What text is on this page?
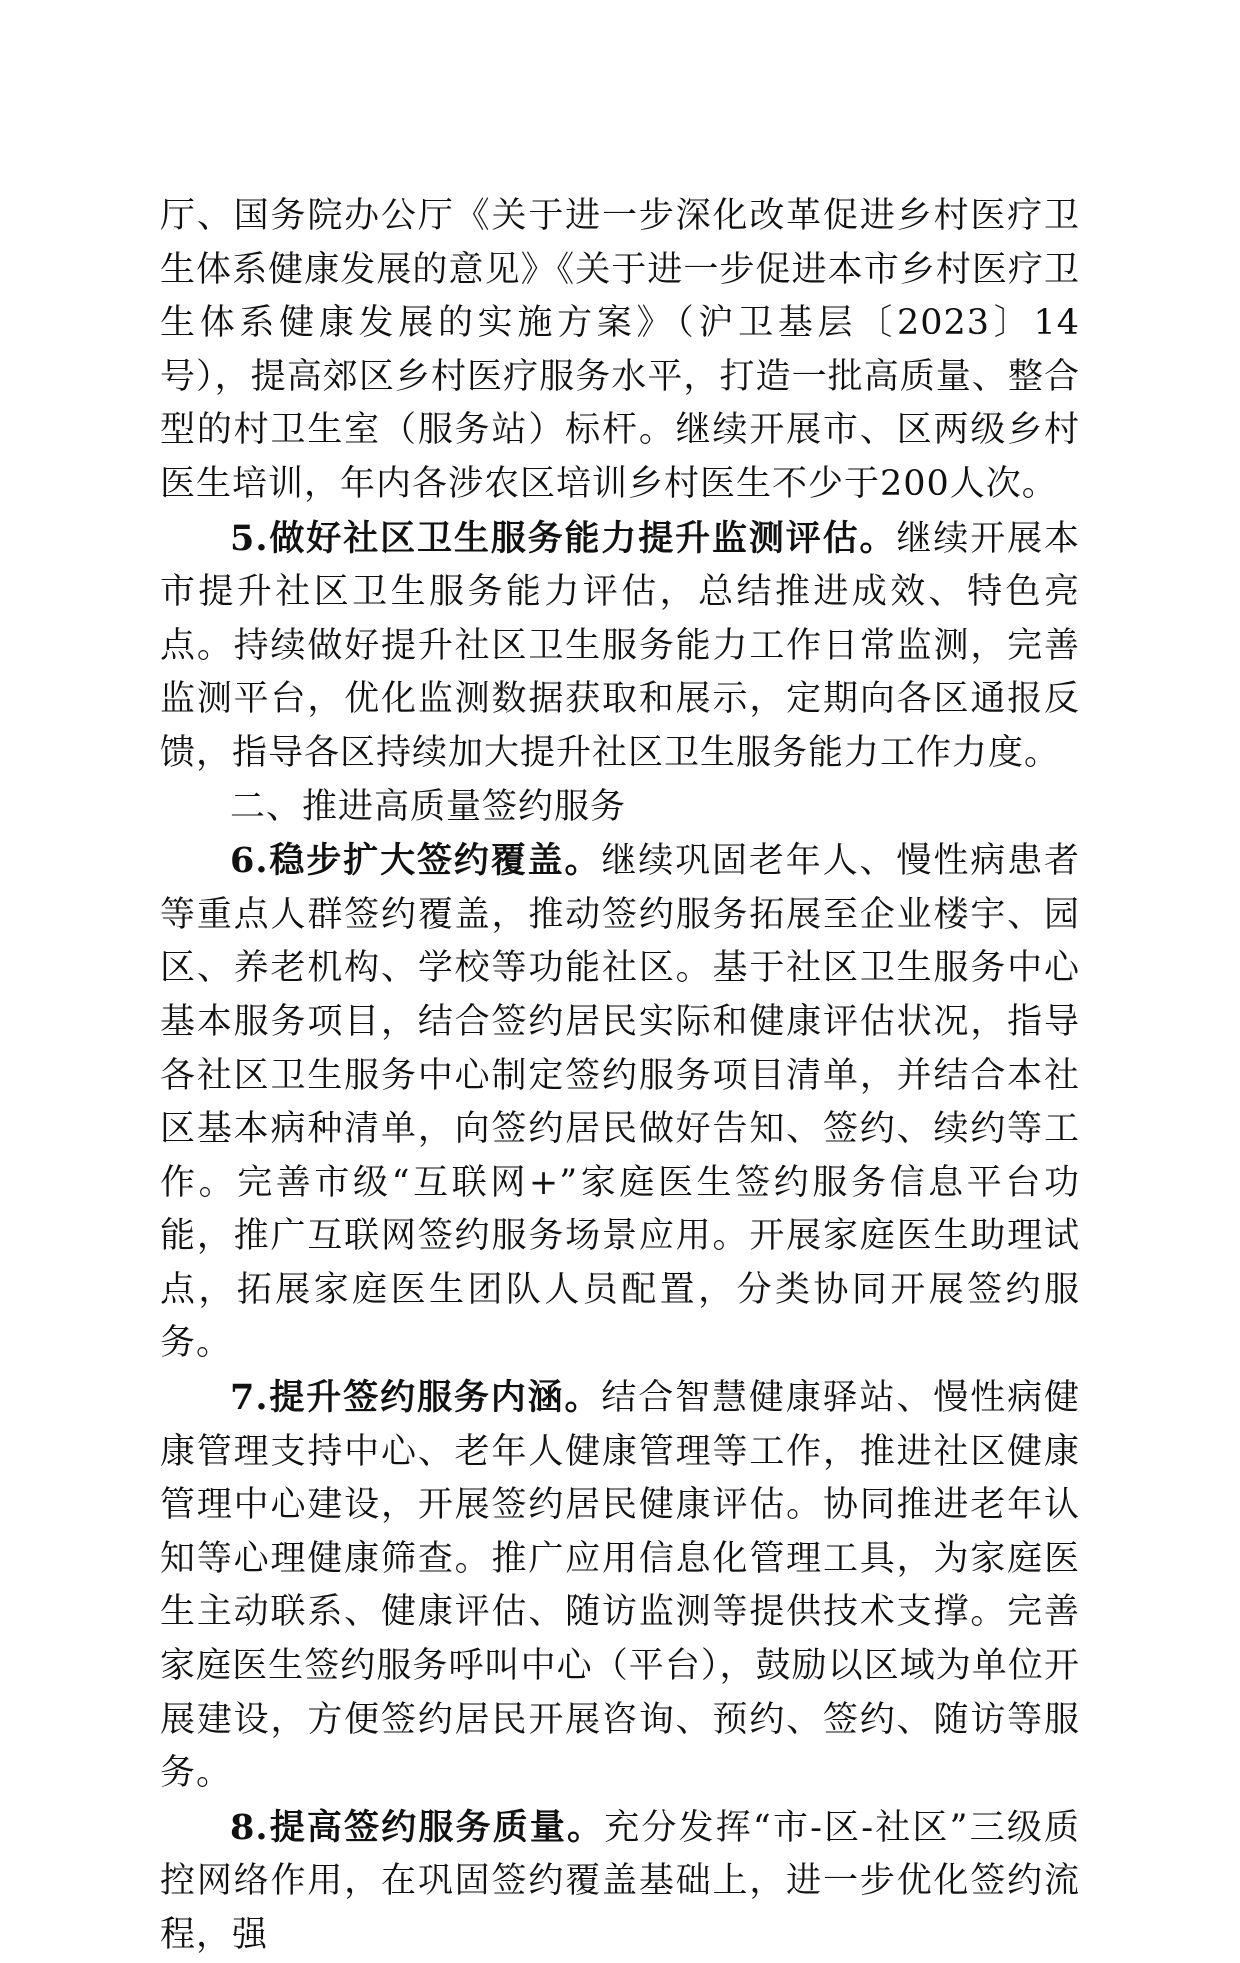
厅、国务院办公厅《关于进一步深化改革促进乡村医疗卫生体系健康发展的意见》《关于进一步促进本市乡村医疗卫生体系健康发展的实施方案》（沪卫基层〔2023〕14号），提高郊区乡村医疗服务水平，打造一批高质量、整合型的村卫生室（服务站）标杆。继续开展市、区两级乡村医生培训，年内各涉农区培训乡村医生不少于200人次。

5.做好社区卫生服务能力提升监测评估。继续开展本市提升社区卫生服务能力评估，总结推进成效、特色亮点。持续做好提升社区卫生服务能力工作日常监测，完善监测平台，优化监测数据获取和展示，定期向各区通报反馈，指导各区持续加大提升社区卫生服务能力工作力度。

二、推进高质量签约服务

6.稳步扩大签约覆盖。继续巩固老年人、慢性病患者等重点人群签约覆盖，推动签约服务拓展至企业楼宇、园区、养老机构、学校等功能社区。基于社区卫生服务中心基本服务项目，结合签约居民实际和健康评估状况，指导各社区卫生服务中心制定签约服务项目清单，并结合本社区基本病种清单，向签约居民做好告知、签约、续约等工作。完善市级“互联网+”家庭医生签约服务信息平台功能，推广互联网签约服务场景应用。开展家庭医生助理试点，拓展家庭医生团队人员配置，分类协同开展签约服务。

7.提升签约服务内涵。结合智慧健康驿站、慢性病健康管理支持中心、老年人健康管理等工作，推进社区健康管理中心建设，开展签约居民健康评估。协同推进老年认知等心理健康筛查。推广应用信息化管理工具，为家庭医生主动联系、健康评估、随访监测等提供技术支撑。完善家庭医生签约服务呼叫中心（平台），鼓励以区域为单位开展建设，方便签约居民开展咨询、预约、签约、随访等服务。

8.提高签约服务质量。充分发挥“市-区-社区”三级质控网络作用，在巩固签约覆盖基础上，进一步优化签约流程，强
